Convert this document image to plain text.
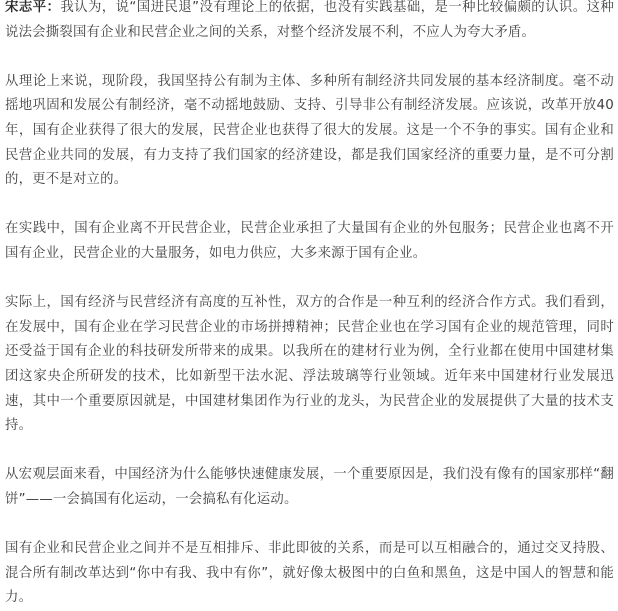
宋志平：我认为，说“国进民退”没有理论上的依据，也没有实践基础，是一种比较偏颇的认识。这种说法会撕裂国有企业和民营企业之间的关系，对整个经济发展不利，不应人为夸大矛盾。

从理论上来说，现阶段，我国坚持公有制为主体、多种所有制经济共同发展的基本经济制度。毫不动摇地巩固和发展公有制经济，毫不动摇地鼓励、支持、引导非公有制经济发展。应该说，改革开放40年，国有企业获得了很大的发展，民营企业也获得了很大的发展。这是一个不争的事实。国有企业和民营企业共同的发展，有力支持了我们国家的经济建设，都是我们国家经济的重要力量，是不可分割的，更不是对立的。

在实践中，国有企业离不开民营企业，民营企业承担了大量国有企业的外包服务；民营企业也离不开国有企业，民营企业的大量服务，如电力供应，大多来源于国有企业。

实际上，国有经济与民营经济有高度的互补性，双方的合作是一种互利的经济合作方式。我们看到，在发展中，国有企业在学习民营企业的市场拼搏精神；民营企业也在学习国有企业的规范管理，同时还受益于国有企业的科技研发所带来的成果。以我所在的建材行业为例，全行业都在使用中国建材集团这家央企所研发的技术，比如新型干法水泥、浮法玻璃等行业领域。近年来中国建材行业发展迅速，其中一个重要原因就是，中国建材集团作为行业的龙头，为民营企业的发展提供了大量的技术支持。

从宏观层面来看，中国经济为什么能够快速健康发展，一个重要原因是，我们没有像有的国家那样“翻饼”——一会搞国有化运动，一会搞私有化运动。

国有企业和民营企业之间并不是互相排斥、非此即彼的关系，而是可以互相融合的，通过交叉持股、混合所有制改革达到“你中有我、我中有你”，就好像太极图中的白鱼和黑鱼，这是中国人的智慧和能力。
